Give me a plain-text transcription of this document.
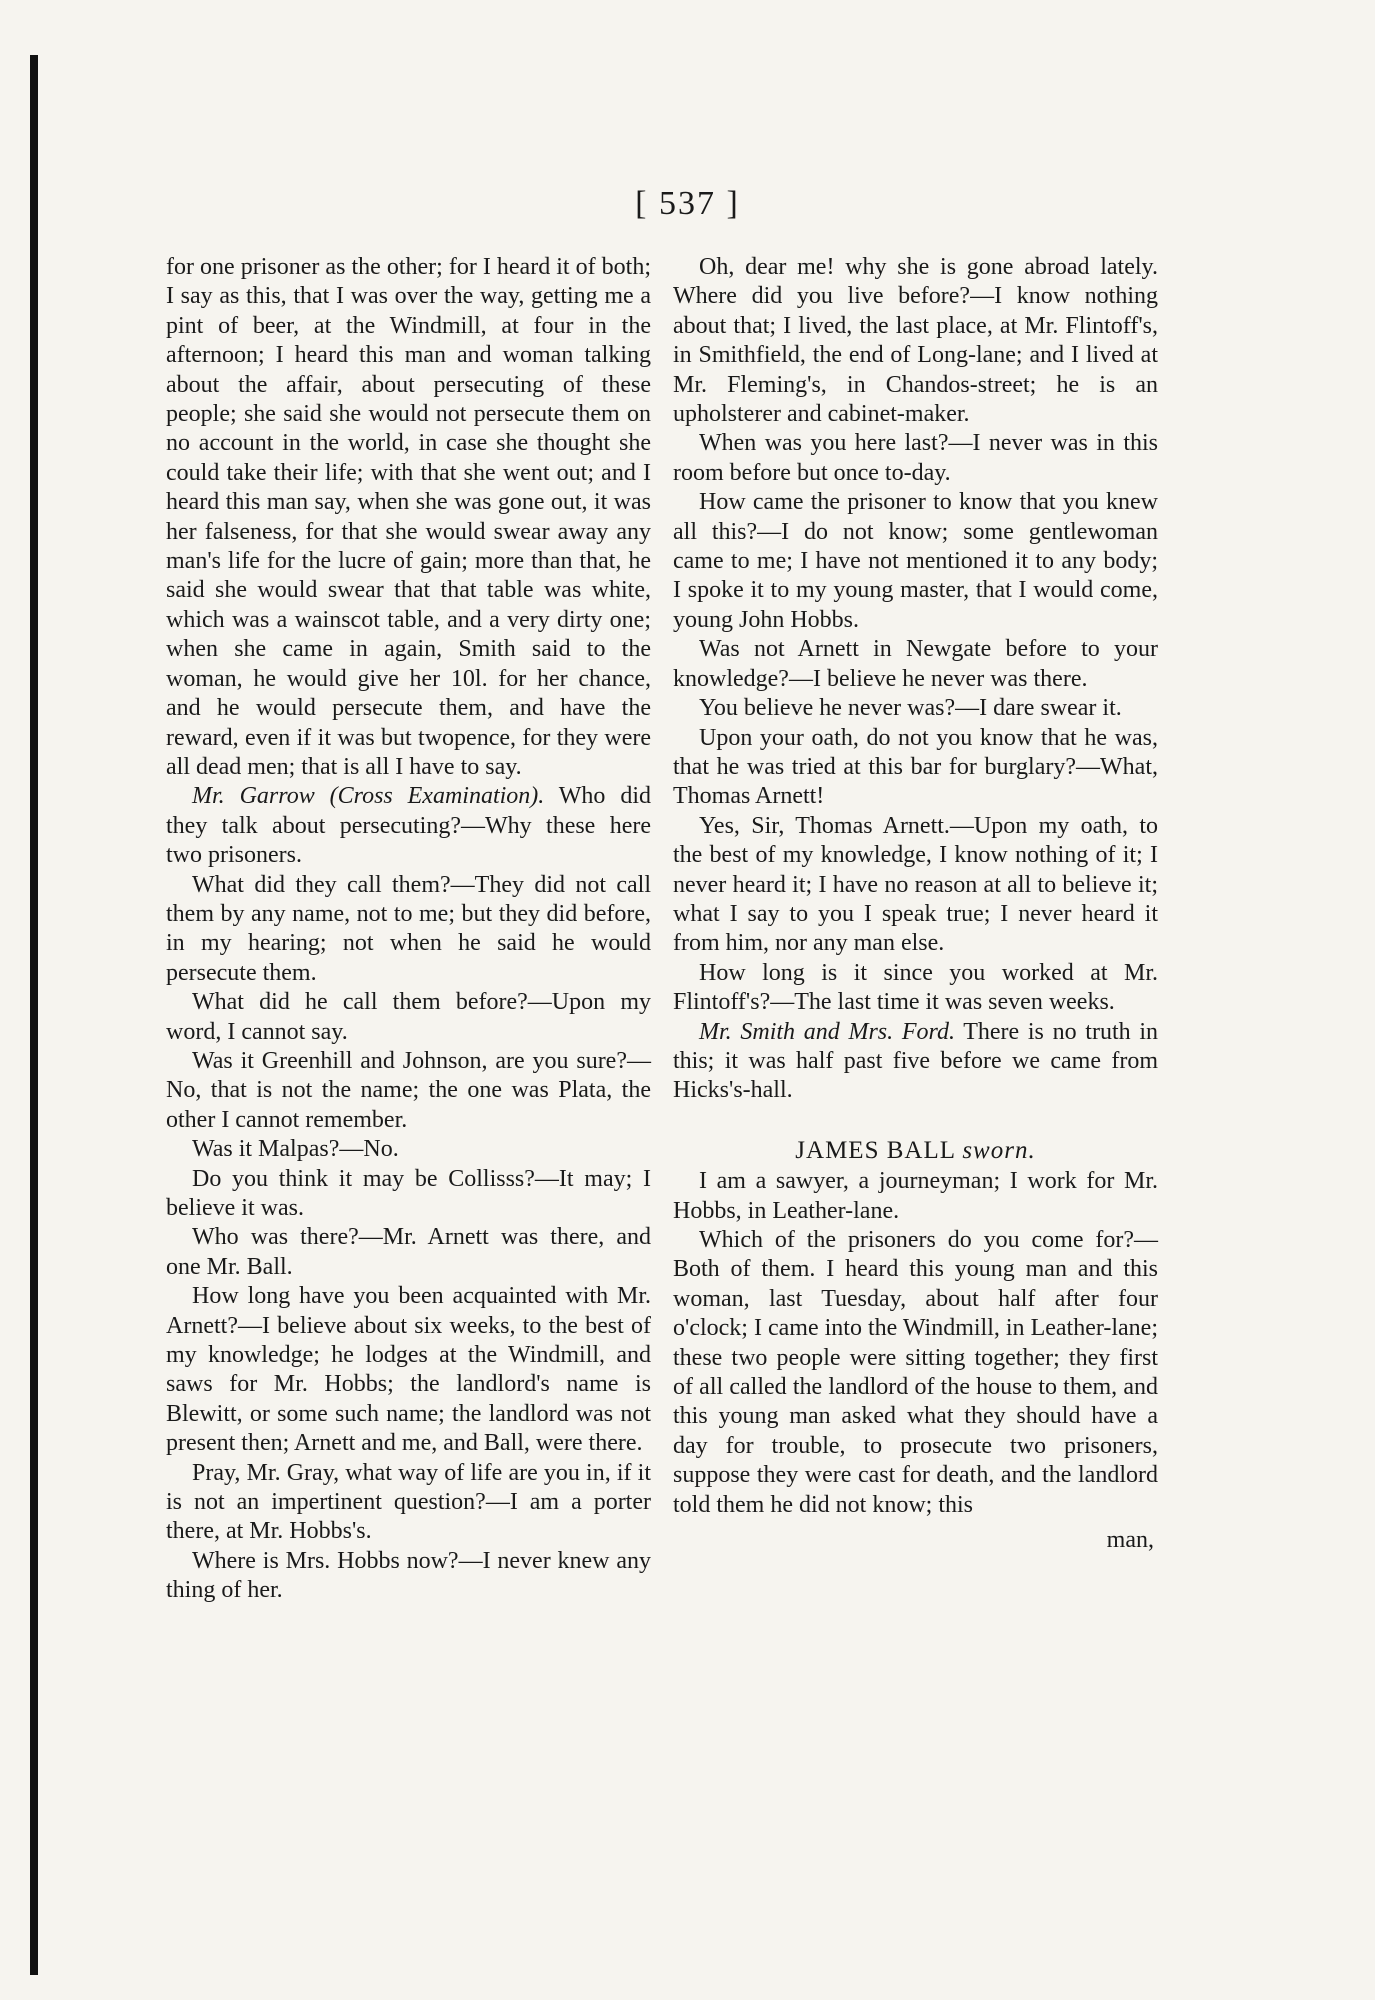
[ 537 ]

for one prisoner as the other; for I heard it of both; I say as this, that I was over the way, getting me a pint of beer, at the Windmill, at four in the afternoon; I heard this man and woman talking about the affair, about persecuting of these people; she said she would not persecute them on no account in the world, in case she thought she could take their life; with that she went out; and I heard this man say, when she was gone out, it was her falseness, for that she would swear away any man's life for the lucre of gain; more than that, he said she would swear that that table was white, which was a wainscot table, and a very dirty one; when she came in again, Smith said to the woman, he would give her 10l. for her chance, and he would persecute them, and have the reward, even if it was but twopence, for they were all dead men; that is all I have to say.

Mr. Garrow (Cross Examination). Who did they talk about persecuting?—Why these here two prisoners.

What did they call them?—They did not call them by any name, not to me; but they did before, in my hearing; not when he said he would persecute them.

What did he call them before?—Upon my word, I cannot say.

Was it Greenhill and Johnson, are you sure?—No, that is not the name; the one was Plata, the other I cannot remember.

Was it Malpas?—No.

Do you think it may be Collisss?—It may; I believe it was.

Who was there?—Mr. Arnett was there, and one Mr. Ball.

How long have you been acquainted with Mr. Arnett?—I believe about six weeks, to the best of my knowledge; he lodges at the Windmill, and saws for Mr. Hobbs; the landlord's name is Blewitt, or some such name; the landlord was not present then; Arnett and me, and Ball, were there.

Pray, Mr. Gray, what way of life are you in, if it is not an impertinent question?—I am a porter there, at Mr. Hobbs's.

Where is Mrs. Hobbs now?—I never knew any thing of her.

Oh, dear me! why she is gone abroad lately. Where did you live before?—I know nothing about that; I lived, the last place, at Mr. Flintoff's, in Smithfield, the end of Long-lane; and I lived at Mr. Fleming's, in Chandos-street; he is an upholsterer and cabinet-maker.

When was you here last?—I never was in this room before but once to-day.

How came the prisoner to know that you knew all this?—I do not know; some gentlewoman came to me; I have not mentioned it to any body; I spoke it to my young master, that I would come, young John Hobbs.

Was not Arnett in Newgate before to your knowledge?—I believe he never was there.

You believe he never was?—I dare swear it.

Upon your oath, do not you know that he was, that he was tried at this bar for burglary?—What, Thomas Arnett!

Yes, Sir, Thomas Arnett.—Upon my oath, to the best of my knowledge, I know nothing of it; I never heard it; I have no reason at all to believe it; what I say to you I speak true; I never heard it from him, nor any man else.

How long is it since you worked at Mr. Flintoff's?—The last time it was seven weeks.

Mr. Smith and Mrs. Ford. There is no truth in this; it was half past five before we came from Hicks's-hall.

JAMES BALL sworn.

I am a sawyer, a journeyman; I work for Mr. Hobbs, in Leather-lane.

Which of the prisoners do you come for?—Both of them. I heard this young man and this woman, last Tuesday, about half after four o'clock; I came into the Windmill, in Leather-lane; these two people were sitting together; they first of all called the landlord of the house to them, and this young man asked what they should have a day for trouble, to prosecute two prisoners, suppose they were cast for death, and the landlord told them he did not know; this

man,
